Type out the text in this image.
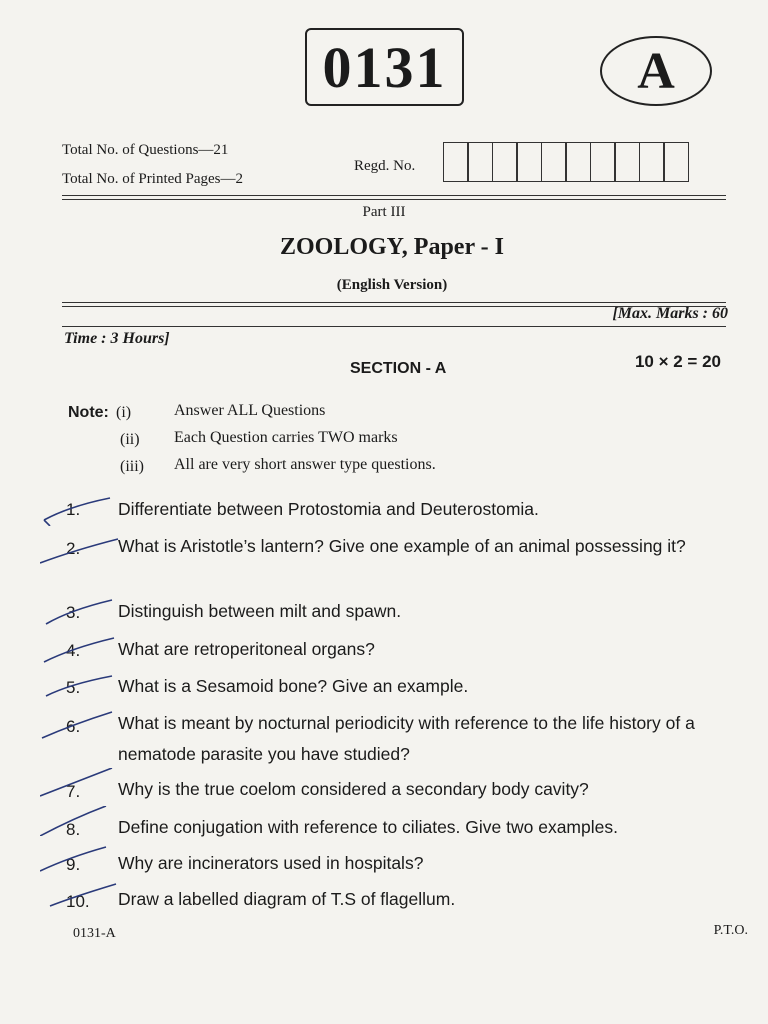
0131	A
Total No. of Questions—21
Total No. of Printed Pages—2
Regd. No.
Part III
ZOOLOGY, Paper - I
(English Version)
[Max. Marks : 60
Time : 3 Hours]
SECTION - A	10 × 2 = 20
Note: (i)	Answer ALL Questions
(ii) Each Question carries TWO marks
(iii) All are very short answer type questions.
1. Differentiate between Protostomia and Deuterostomia.
2. What is Aristotle’s lantern? Give one example of an animal possessing it?
3. Distinguish between milt and spawn.
4. What are retroperitoneal organs?
5. What is a Sesamoid bone? Give an example.
6. What is meant by nocturnal periodicity with reference to the life history of a nematode parasite you have studied?
7. Why is the true coelom considered a secondary body cavity?
8. Define conjugation with reference to ciliates. Give two examples.
9. Why are incinerators used in hospitals?
10. Draw a labelled diagram of T.S of flagellum.
0131-A	P.T.O.
